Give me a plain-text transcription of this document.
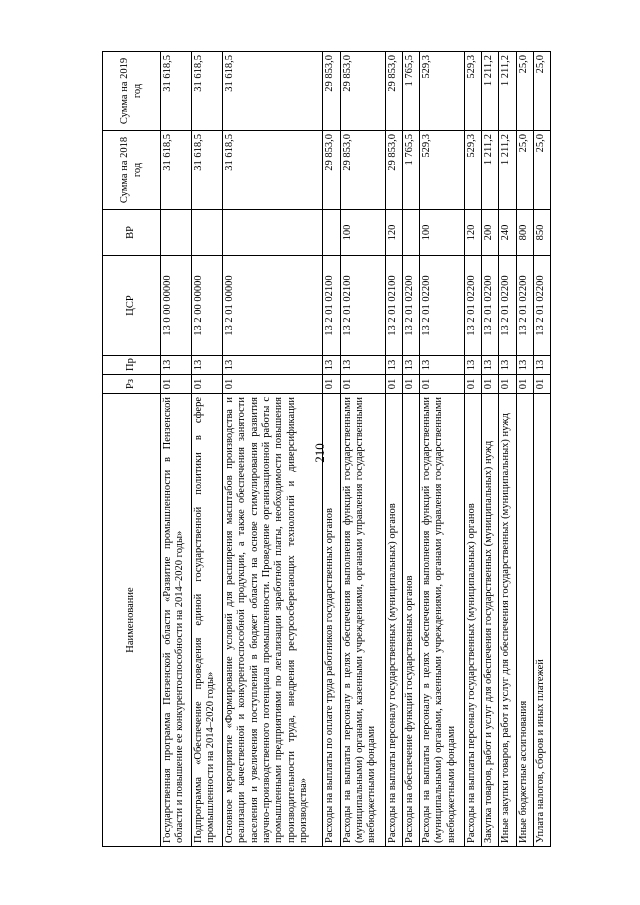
210
Наименование	Рз	Пр	ЦСР	ВР	Сумма на 2018 год	Сумма на 2019 год
Государственная программа Пензенской области «Развитие промышленности в Пензенской области и повышение ее конкурентоспособности на 2014–2020 годы»	01	13	13 0 00 00000		31 618,5	31 618,5
Подпрограмма «Обеспечение проведения единой государственной политики в сфере промышленности на 2014–2020 годы»	01	13	13 2 00 00000		31 618,5	31 618,5
Основное мероприятие «Формирование условий для расширения масштабов производства и реализации качественной и конкурентоспособной продукции, а также обеспечения занятости населения и увеличения поступлений в бюджет области на основе стимулирования развития научно-производственного потенциала промышленности. Проведение организационной работы с промышленными предприятиями по легализации заработной платы, необходимости повышения производительности труда, внедрения ресурсосберегающих технологий и диверсификации производства»	01	13	13 2 01 00000		31 618,5	31 618,5
Расходы на выплаты по оплате труда работников государственных органов	01	13	13 2 01 02100		29 853,0	29 853,0
Расходы на выплаты персоналу в целях обеспечения выполнения функций государственными (муниципальными) органами, казенными учреждениями, органами управления государственными внебюджетными фондами	01	13	13 2 01 02100	100	29 853,0	29 853,0
Расходы на выплаты персоналу государственных (муниципальных) органов	01	13	13 2 01 02100	120	29 853,0	29 853,0
Расходы на обеспечение функций государственных органов	01	13	13 2 01 02200		1 765,5	1 765,5
Расходы на выплаты персоналу в целях обеспечения выполнения функций государственными (муниципальными) органами, казенными учреждениями, органами управления государственными внебюджетными фондами	01	13	13 2 01 02200	100	529,3	529,3
Расходы на выплаты персоналу государственных (муниципальных) органов	01	13	13 2 01 02200	120	529,3	529,3
Закупка товаров, работ и услуг для обеспечения государственных (муниципальных) нужд	01	13	13 2 01 02200	200	1 211,2	1 211,2
Иные закупки товаров, работ и услуг для обеспечения государственных (муниципальных) нужд	01	13	13 2 01 02200	240	1 211,2	1 211,2
Иные бюджетные ассигнования	01	13	13 2 01 02200	800	25,0	25,0
Уплата налогов, сборов и иных платежей	01	13	13 2 01 02200	850	25,0	25,0
